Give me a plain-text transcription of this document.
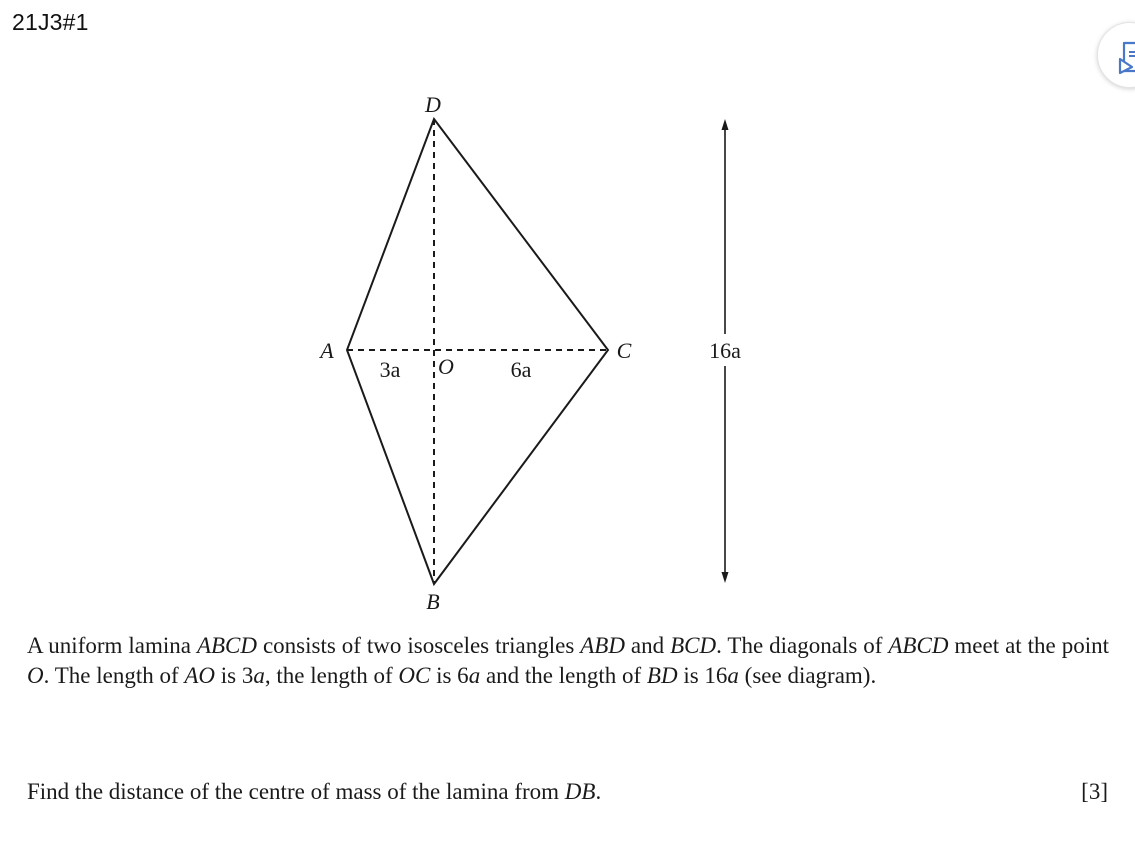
21J3#1
D
A
O
C
B
3a	6a
16a

A uniform lamina ABCD consists of two isosceles triangles ABD and BCD. The diagonals of ABCD meet at the point O. The length of AO is 3a, the length of OC is 6a and the length of BD is 16a (see diagram).

Find the distance of the centre of mass of the lamina from DB.	[3]
